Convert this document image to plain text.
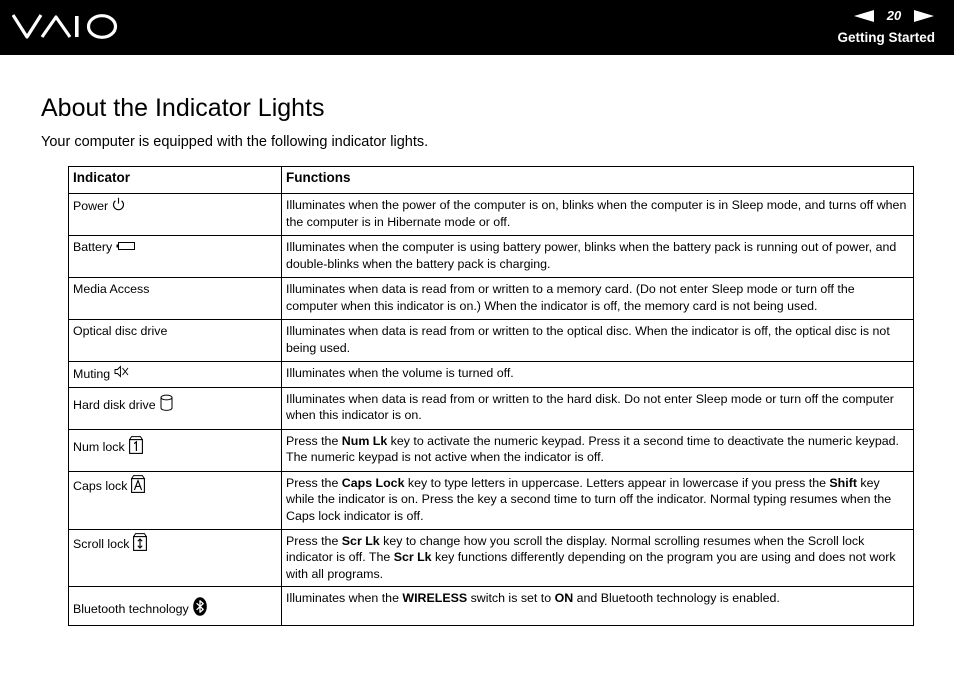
20
Getting Started
About the Indicator Lights

Your computer is equipped with the following indicator lights.

Indicator	Functions

Power	Illuminates when the power of the computer is on, blinks when the computer is in Sleep mode, and turns off when the computer is in Hibernate mode or off.

Battery	Illuminates when the computer is using battery power, blinks when the battery pack is running out of power, and double-blinks when the battery pack is charging.

Media Access	Illuminates when data is read from or written to a memory card. (Do not enter Sleep mode or turn off the computer when this indicator is on.) When the indicator is off, the memory card is not being used.

Optical disc drive	Illuminates when data is read from or written to the optical disc. When the indicator is off, the optical disc is not being used.

Muting	Illuminates when the volume is turned off.

Hard disk drive	Illuminates when data is read from or written to the hard disk. Do not enter Sleep mode or turn off the computer when this indicator is on.

Num lock	Press the Num Lk key to activate the numeric keypad. Press it a second time to deactivate the numeric keypad. The numeric keypad is not active when the indicator is off.

Caps lock	Press the Caps Lock key to type letters in uppercase. Letters appear in lowercase if you press the Shift key while the indicator is on. Press the key a second time to turn off the indicator. Normal typing resumes when the Caps lock indicator is off.

Scroll lock	Press the Scr Lk key to change how you scroll the display. Normal scrolling resumes when the Scroll lock indicator is off. The Scr Lk key functions differently depending on the program you are using and does not work with all programs.

Bluetooth technology	Illuminates when the WIRELESS switch is set to ON and Bluetooth technology is enabled.
